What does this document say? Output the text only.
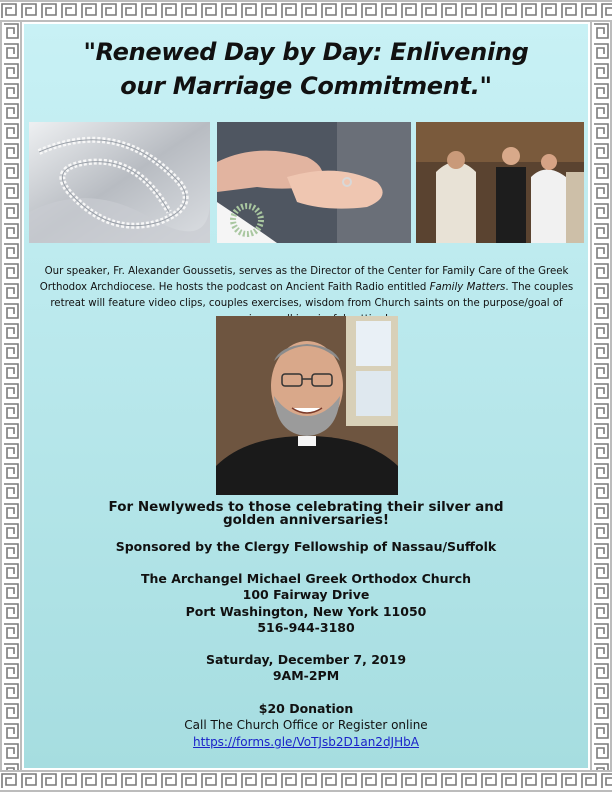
"Renewed Day by Day: Enlivening
our Marriage Commitment."

Our speaker, Fr. Alexander Goussetis, serves as the Director of the Center for Family Care of the Greek Orthodox Archdiocese. He hosts the podcast on Ancient Faith Radio entitled Family Matters. The couples retreat will feature video clips, couples exercises, wisdom from Church saints on the purpose/goal of

For Newlyweds to those celebrating their silver and
golden anniversaries!
Sponsored by the Clergy Fellowship of Nassau/Suffolk
The Archangel Michael Greek Orthodox Church
100 Fairway Drive
Port Washington, New York 11050
516-944-3180
Saturday, December 7, 2019
9AM-2PM
$20 Donation
Call The Church Office or Register online
https://forms.gle/VoTJsb2D1an2dJHbA
